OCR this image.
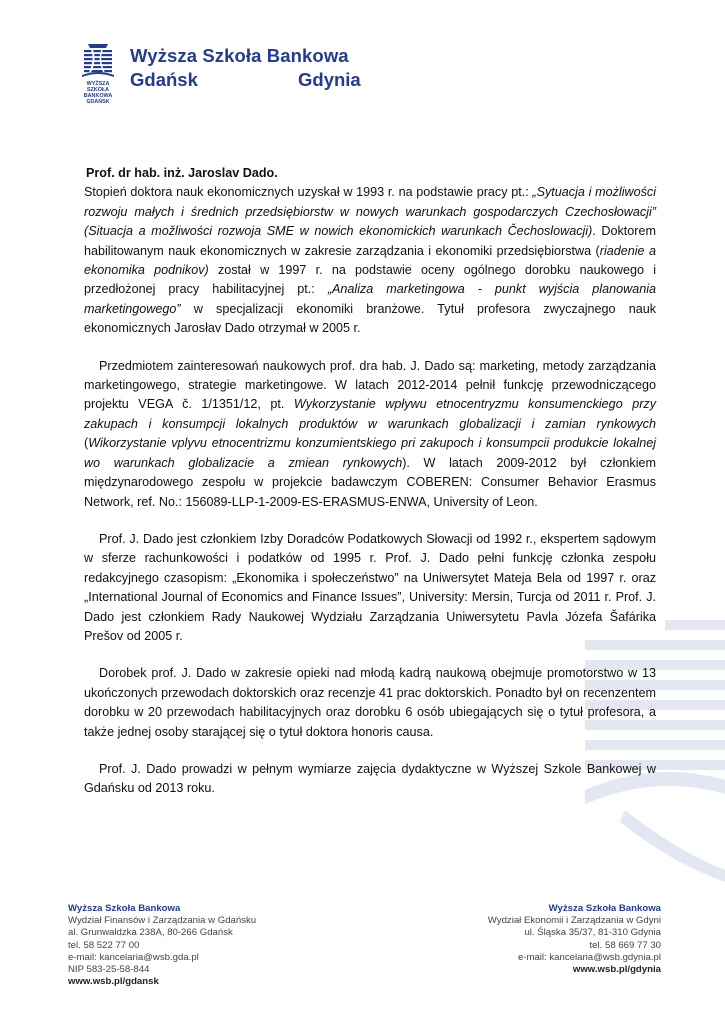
WYŻSZA SZKOŁA
BANKOWA
GDAŃSK
Wyższa Szkoła Bankowa
Gdańsk	Gdynia

Prof. dr hab. inż. Jaroslav Dado.

Stopień doktora nauk ekonomicznych uzyskał w 1993 r. na podstawie pracy pt.: „Sytuacja i możliwości rozwoju małych i średnich przedsiębiorstw w nowych warunkach gospodarczych Czechosłowacji” (Situacja a možliwości rozwoja SME w nowich ekonomickich warunkach Čechoslowacji). Doktorem habilitowanym nauk ekonomicznych w zakresie zarządzania i ekonomiki przedsiębiorstwa (riadenie a ekonomika podnikov) został w 1997 r. na podstawie oceny ogólnego dorobku naukowego i przedłożonej pracy habilitacyjnej pt.: „Analiza marketingowa - punkt wyjścia planowania marketingowego” w specjalizacji ekonomiki branżowe. Tytuł profesora zwyczajnego nauk ekonomicznych Jarosłav Dado otrzymał w 2005 r.

Przedmiotem zainteresowań naukowych prof. dra hab. J. Dado są: marketing, metody zarządzania marketingowego, strategie marketingowe. W latach 2012-2014 pełnił funkcję przewodniczącego projektu VEGA č. 1/1351/12, pt. Wykorzystanie wpływu etnocentryzmu konsumenckiego przy zakupach i konsumpcji lokalnych produktów w warunkach globalizacji i zamian rynkowych (Wikorzystanie vplyvu etnocentrizmu konzumientskiego pri zakupoch i konsumpcii produkcie lokalnej wo warunkach globalizacie a zmiean rynkowych). W latach 2009-2012 był członkiem międzynarodowego zespołu w projekcie badawczym COBEREN: Consumer Behavior Erasmus Network, ref. No.: 156089-LLP-1-2009-ES-ERASMUS-ENWA, University of Leon.

Prof. J. Dado jest członkiem Izby Doradców Podatkowych Słowacji od 1992 r., ekspertem sądowym w sferze rachunkowości i podatków od 1995 r. Prof. J. Dado pełni funkcję członka zespołu redakcyjnego czasopism: „Ekonomika i społeczeństwo” na Uniwersytet Mateja Bela od 1997 r. oraz „International Journal of Economics and Finance Issues”, University: Mersin, Turcja od 2011 r. Prof. J. Dado jest członkiem Rady Naukowej Wydziału Zarządzania Uniwersytetu Pavla Józefa Šafárika Prešov od 2005 r.

Dorobek prof. J. Dado w zakresie opieki nad młodą kadrą naukową obejmuje promotorstwo w 13 ukończonych przewodach doktorskich oraz recenzje 41 prac doktorskich. Ponadto był on recenzentem dorobku w 20 przewodach habilitacyjnych oraz dorobku 6 osób ubiegających się o tytuł profesora, a także jednej osoby starającej się o tytuł doktora honoris causa.

Prof. J. Dado prowadzi w pełnym wymiarze zajęcia dydaktyczne w Wyższej Szkole Bankowej w Gdańsku od 2013 roku.

Wyższa Szkoła Bankowa
Wydział Finansów i Zarządzania w Gdańsku
al. Grunwaldzka 238A, 80-266 Gdańsk
tel. 58 522 77 00
e-mail: kancelaria@wsb.gda.pl
NIP 583-25-58-844
www.wsb.pl/gdansk
Wyższa Szkoła Bankowa
Wydział Ekonomii i Zarządzania w Gdyni
ul. Śląska 35/37, 81-310 Gdynia
tel. 58 669 77 30
e-mail: kancelaria@wsb.gdynia.pl
www.wsb.pl/gdynia
